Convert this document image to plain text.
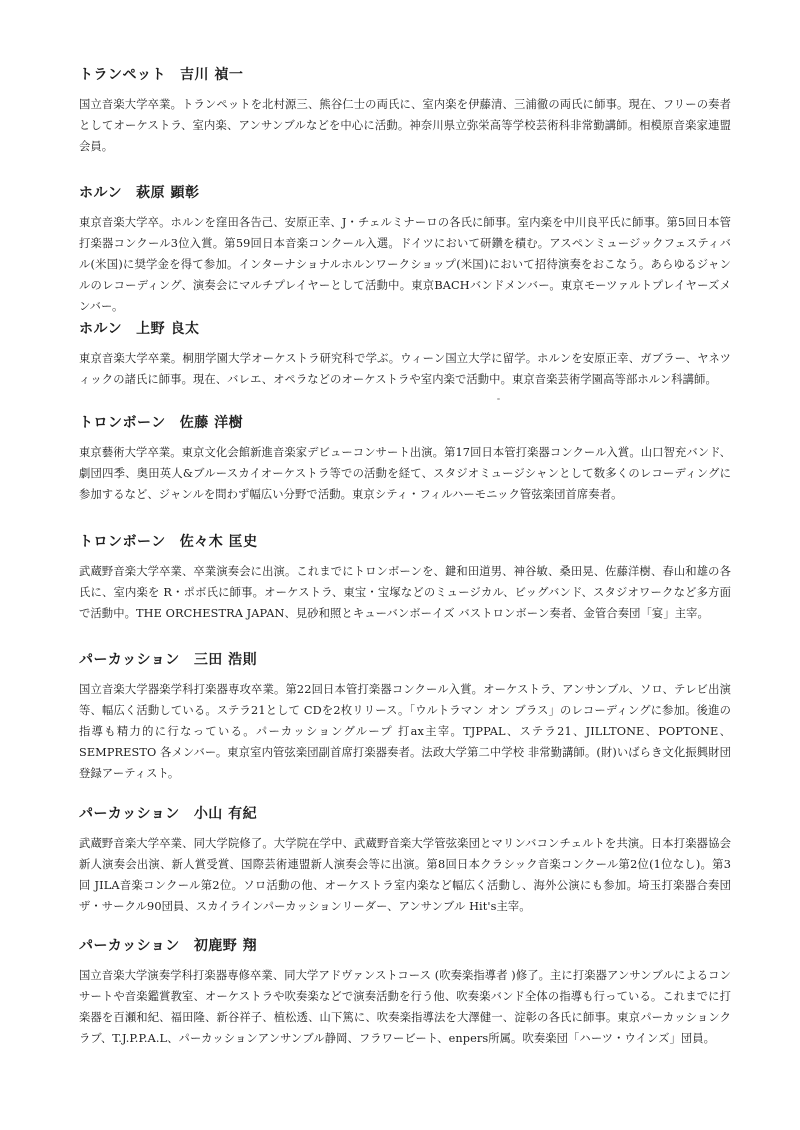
トランペット 吉川 禎一

国立音楽大学卒業。トランペットを北村源三、熊谷仁士の両氏に、室内楽を伊藤清、三浦徹の両氏に師事。現在、フリーの奏者としてオーケストラ、室内楽、アンサンブルなどを中心に活動。神奈川県立弥栄高等学校芸術科非常勤講師。相模原音楽家連盟会員。

ホルン 萩原 顕彰

東京音楽大学卒。ホルンを窪田各告己、安原正幸、J・チェルミナーロの各氏に師事。室内楽を中川良平氏に師事。第5回日本管打楽器コンクール3位入賞。第59回日本音楽コンクール入選。ドイツにおいて研鑽を積む。アスペンミュージックフェスティバル(米国)に奨学金を得て参加。インターナショナルホルンワークショップ(米国)において招待演奏をおこなう。あらゆるジャンルのレコーディング、演奏会にマルチプレイヤーとして活動中。東京BACHバンドメンバー。東京モーツァルトプレイヤーズメンバー。

ホルン 上野 良太

東京音楽大学卒業。桐朋学園大学オーケストラ研究科で学ぶ。ウィーン国立大学に留学。ホルンを安原正幸、ガブラー、ヤネツィックの諸氏に師事。現在、バレエ、オペラなどのオーケストラや室内楽で活動中。東京音楽芸術学園高等部ホルン科講師。

トロンボーン 佐藤 洋樹

東京藝術大学卒業。東京文化会館新進音楽家デビューコンサート出演。第17回日本管打楽器コンクール入賞。山口智充バンド、劇団四季、奥田英人&ブルースカイオーケストラ等での活動を経て、スタジオミュージシャンとして数多くのレコーディングに参加するなど、ジャンルを問わず幅広い分野で活動。東京シティ・フィルハーモニック管弦楽団首席奏者。

トロンボーン 佐々木 匡史

武蔵野音楽大学卒業、卒業演奏会に出演。これまでにトロンボーンを、鍵和田道男、神谷敏、桑田晃、佐藤洋樹、春山和雄の各氏に、室内楽を R・ポボ氏に師事。オーケストラ、東宝・宝塚などのミュージカル、ビッグバンド、スタジオワークなど多方面で活動中。THE ORCHESTRA JAPAN、見砂和照とキューバンボーイズ バストロンボーン奏者、金管合奏団「宴」主宰。

パーカッション 三田 浩則

国立音楽大学器楽学科打楽器専攻卒業。第22回日本管打楽器コンクール入賞。オーケストラ、アンサンブル、ソロ、テレビ出演等、幅広く活動している。ステラ21として CDを2枚リリース。「ウルトラマン オン ブラス」のレコーディングに参加。後進の指導も精力的に行なっている。パーカッショングループ 打ax主宰。TJPPAL、ステラ21、JILLTONE、POPTONE、SEMPRESTO 各メンバー。東京室内管弦楽団副首席打楽器奏者。法政大学第二中学校 非常勤講師。(財)いばらき文化振興財団登録アーティスト。

パーカッション 小山 有紀

武蔵野音楽大学卒業、同大学院修了。大学院在学中、武蔵野音楽大学管弦楽団とマリンバコンチェルトを共演。日本打楽器協会新人演奏会出演、新人賞受賞、国際芸術連盟新人演奏会等に出演。第8回日本クラシック音楽コンクール第2位(1位なし)。第3回 JILA音楽コンクール第2位。ソロ活動の他、オーケストラ室内楽など幅広く活動し、海外公演にも参加。埼玉打楽器合奏団 ザ・サークル90団員、スカイラインパーカッションリーダー、アンサンブル Hit's主宰。

パーカッション 初鹿野 翔

国立音楽大学演奏学科打楽器専修卒業、同大学アドヴァンストコース (吹奏楽指導者 )修了。主に打楽器アンサンブルによるコンサートや音楽鑑賞教室、オーケストラや吹奏楽などで演奏活動を行う他、吹奏楽バンド全体の指導も行っている。これまでに打楽器を百瀬和紀、福田隆、新谷祥子、植松透、山下篤に、吹奏楽指導法を大澤健一、淀彰の各氏に師事。東京パーカッションクラブ、T.J.P.P.A.L、パーカッションアンサンブル静岡、フラワービート、enpers所属。吹奏楽団「ハーツ・ウインズ」団員。
